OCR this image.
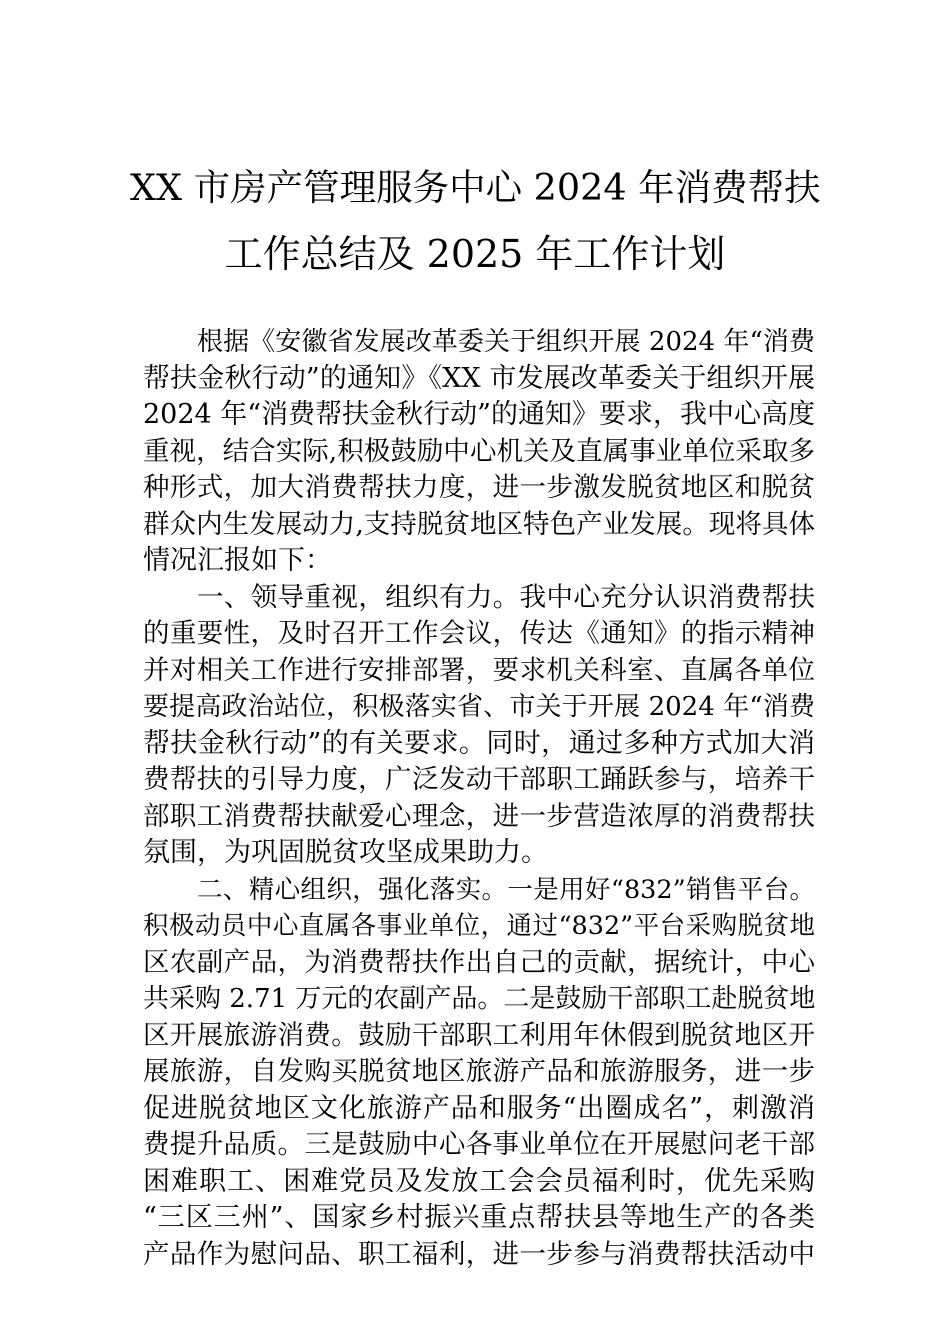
XX 市房产管理服务中心 2024 年消费帮扶
工作总结及 2025 年工作计划
根据《安徽省发展改革委关于组织开展 2024 年“消费
帮扶金秋行动”的通知》《XX 市发展改革委关于组织开展
2024 年“消费帮扶金秋行动”的通知》要求，我中心高度
重视，结合实际,积极鼓励中心机关及直属事业单位采取多
种形式，加大消费帮扶力度，进一步激发脱贫地区和脱贫
群众内生发展动力,支持脱贫地区特色产业发展。现将具体
情况汇报如下：
一、领导重视，组织有力。我中心充分认识消费帮扶
的重要性，及时召开工作会议，传达《通知》的指示精神
并对相关工作进行安排部署，要求机关科室、直属各单位
要提高政治站位，积极落实省、市关于开展 2024 年“消费
帮扶金秋行动”的有关要求。同时，通过多种方式加大消
费帮扶的引导力度，广泛发动干部职工踊跃参与，培养干
部职工消费帮扶献爱心理念，进一步营造浓厚的消费帮扶
氛围，为巩固脱贫攻坚成果助力。
二、精心组织，强化落实。一是用好“832”销售平台。
积极动员中心直属各事业单位，通过“832”平台采购脱贫地
区农副产品，为消费帮扶作出自己的贡献，据统计，中心
共采购 2.71 万元的农副产品。二是鼓励干部职工赴脱贫地
区开展旅游消费。鼓励干部职工利用年休假到脱贫地区开
展旅游，自发购买脱贫地区旅游产品和旅游服务，进一步
促进脱贫地区文化旅游产品和服务“出圈成名”，刺激消
费提升品质。三是鼓励中心各事业单位在开展慰问老干部
困难职工、困难党员及发放工会会员福利时，优先采购
“三区三州”、国家乡村振兴重点帮扶县等地生产的各类
产品作为慰问品、职工福利，进一步参与消费帮扶活动中
